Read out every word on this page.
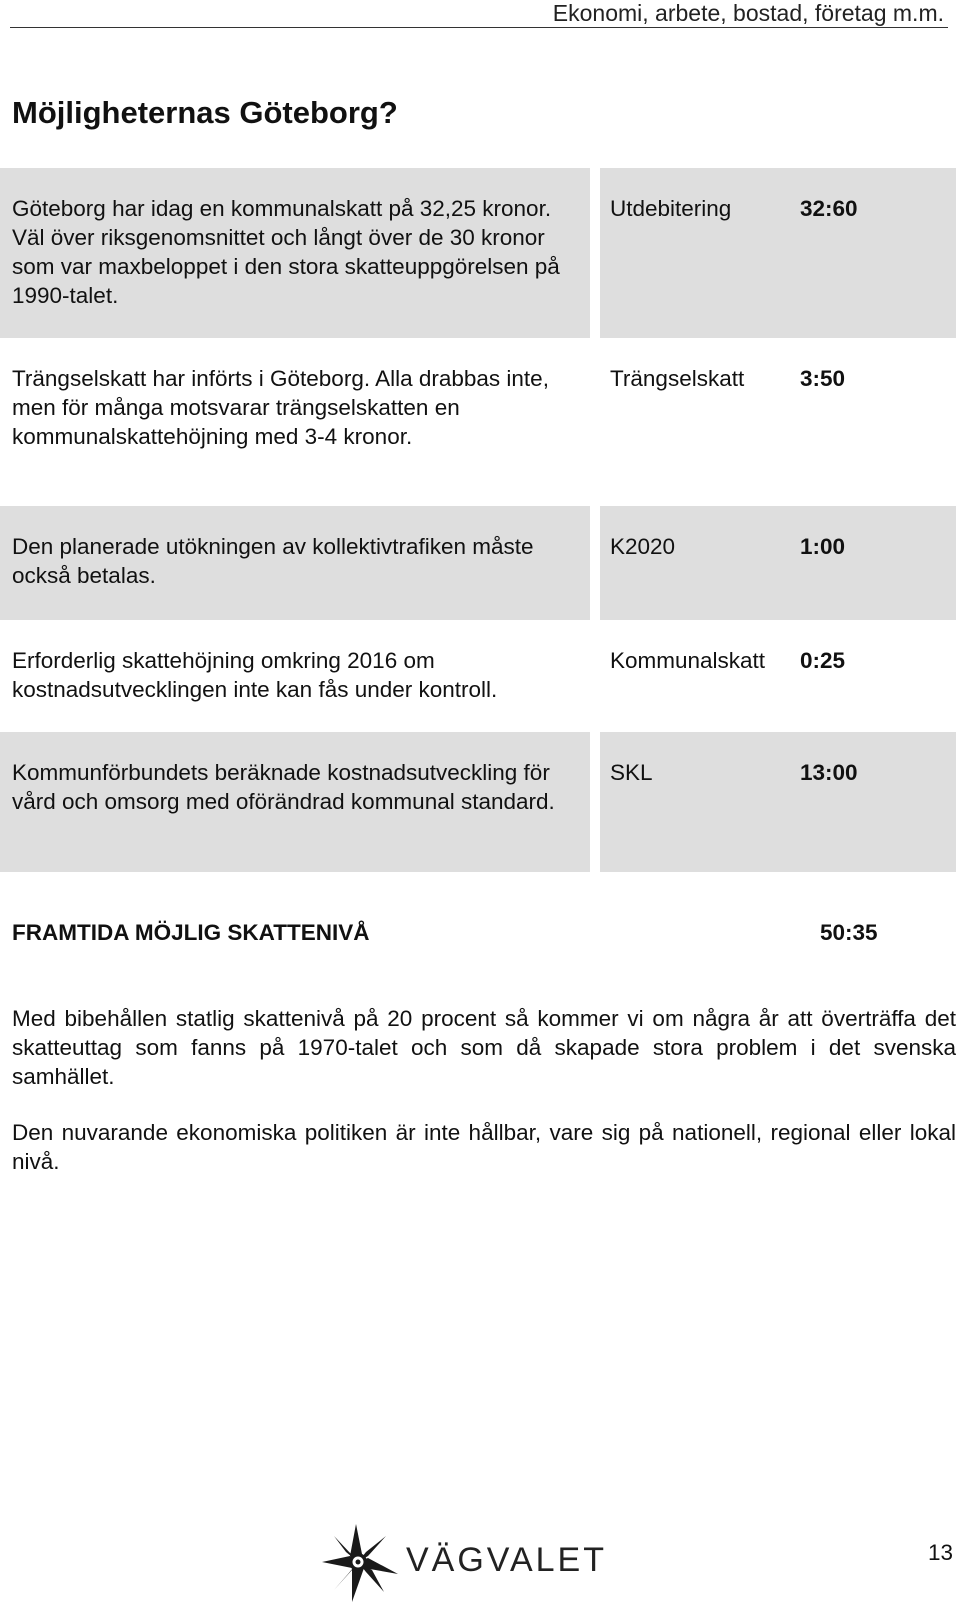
Ekonomi, arbete, bostad, företag m.m.
Möjligheternas Göteborg?
Göteborg har idag en kommunalskatt på 32,25 kronor. Väl över riksgenomsnittet och långt över de 30 kronor som var maxbeloppet i den stora skatteuppgörelsen på 1990-talet.
Utdebitering	32:60
Trängselskatt har införts i Göteborg. Alla drabbas inte, men för många motsvarar trängselskatten en kommunalskattehöjning med 3-4 kronor.
Trängselskatt	3:50
Den planerade utökningen av kollektivtrafiken måste också betalas.
K2020	1:00
Erforderlig skattehöjning omkring 2016 om kostnadsutvecklingen inte kan fås under kontroll.
Kommunalskatt	0:25
Kommunförbundets beräknade kostnadsutveckling för vård och omsorg med oförändrad kommunal standard.
SKL	13:00
FRAMTIDA MÖJLIG SKATTENIVÅ	50:35

Med bibehållen statlig skattenivå på 20 procent så kommer vi om några år att överträffa det skatteuttag som fanns på 1970-talet och som då skapade stora problem i det svenska samhället.

Den nuvarande ekonomiska politiken är inte hållbar, vare sig på nationell, regional eller lokal nivå.

VÄGVALET	13
